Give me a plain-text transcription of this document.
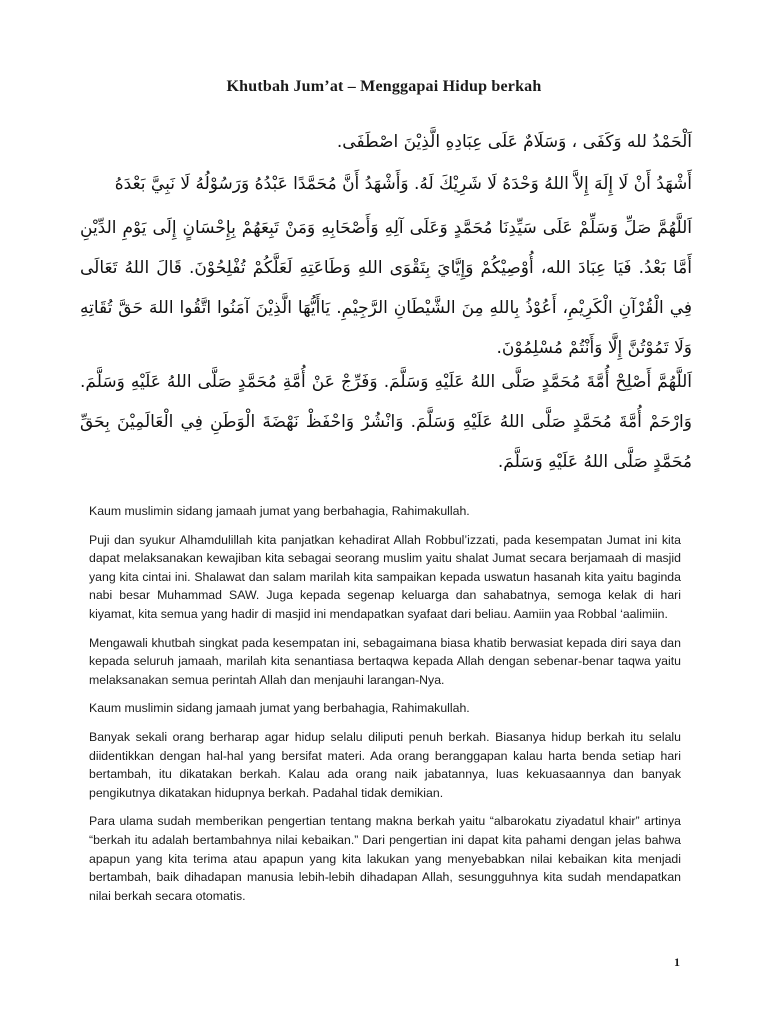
Khutbah Jum’at – Menggapai Hidup berkah

اَلْحَمْدُ لله وَكَفَى ، وَسَلَامٌ عَلَى عِبَادِهِ الَّذِيْنَ اصْطَفَى.

أَشْهَدُ أَنْ لَا إِلَهَ إِلاَّ اللهُ وَحْدَهُ لَا شَرِيْكَ لَهُ. وَأَشْهَدُ أَنَّ مُحَمَّدًا عَبْدُهُ وَرَسُوْلُهُ لَا نَبِيَّ بَعْدَهُ

اَللَّهُمَّ صَلِّ وَسَلِّمْ عَلَى سَيِّدِنَا مُحَمَّدٍ وَعَلَى آلِهِ وَأَصْحَابِهِ وَمَنْ تَبِعَهُمْ بِإِحْسَانٍ إِلَى يَوْمِ الدِّيْنِ أَمَّا بَعْدُ. فَيَا عِبَادَ الله، أُوْصِيْكُمْ وَإِيَّايَ بِتَقْوَى اللهِ وَطَاعَتِهِ لَعَلَّكُمْ تُفْلِحُوْنَ. قَالَ اللهُ تَعَالَى فِي الْقُرْآنِ الْكَرِيْمِ، أَعُوْذُ بِاللهِ مِنَ الشَّيْطَانِ الرَّجِيْمِ. يَاأَيُّهَا الَّذِيْنَ آمَنُوا اتَّقُوا اللهَ حَقَّ تُقَاتِهِ وَلَا تَمُوْتُنَّ إِلَّا وَأَنْتُمْ مُسْلِمُوْنَ.

اَللَّهُمَّ أَصْلِحْ أُمَّةَ مُحَمَّدٍ صَلَّى اللهُ عَلَيْهِ وَسَلَّمَ. وَفَرِّجْ عَنْ أُمَّةِ مُحَمَّدٍ صَلَّى اللهُ عَلَيْهِ وَسَلَّمَ. وَارْحَمْ أُمَّةَ مُحَمَّدٍ صَلَّى اللهُ عَلَيْهِ وَسَلَّمَ. وَانْشُرْ وَاحْفَظْ نَهْضَةَ الْوَطَنِ فِي الْعَالَمِيْنَ بِحَقِّ مُحَمَّدٍ صَلَّى اللهُ عَلَيْهِ وَسَلَّمَ.

Kaum muslimin sidang jamaah jumat yang berbahagia, Rahimakullah.

Puji dan syukur Alhamdulillah kita panjatkan kehadirat Allah Robbul’izzati, pada kesempatan Jumat ini kita dapat melaksanakan kewajiban kita sebagai seorang muslim yaitu shalat Jumat secara berjamaah di masjid yang kita cintai ini. Shalawat dan salam marilah kita sampaikan kepada uswatun hasanah kita yaitu baginda nabi besar Muhammad SAW. Juga kepada segenap keluarga dan sahabatnya, semoga kelak di hari kiyamat, kita semua yang hadir di masjid ini mendapatkan syafaat dari beliau. Aamiin yaa Robbal ‘aalimiin.

Mengawali khutbah singkat pada kesempatan ini, sebagaimana biasa khatib berwasiat kepada diri saya dan kepada seluruh jamaah, marilah kita senantiasa bertaqwa kepada Allah dengan sebenar-benar taqwa yaitu melaksanakan semua perintah Allah dan menjauhi larangan-Nya.

Kaum muslimin sidang jamaah jumat yang berbahagia, Rahimakullah.

Banyak sekali orang berharap agar hidup selalu diliputi penuh berkah. Biasanya hidup berkah itu selalu diidentikkan dengan hal-hal yang bersifat materi. Ada orang beranggapan kalau harta benda setiap hari bertambah, itu dikatakan berkah. Kalau ada orang naik jabatannya, luas kekuasaannya dan banyak pengikutnya dikatakan hidupnya berkah. Padahal tidak demikian.

Para ulama sudah memberikan pengertian tentang makna berkah yaitu “albarokatu ziyadatul khair” artinya “berkah itu adalah bertambahnya nilai kebaikan.” Dari pengertian ini dapat kita pahami dengan jelas bahwa apapun yang kita terima atau apapun yang kita lakukan yang menyebabkan nilai kebaikan kita menjadi bertambah, baik dihadapan manusia lebih-lebih dihadapan Allah, sesungguhnya kita sudah mendapatkan nilai berkah secara otomatis.

1
